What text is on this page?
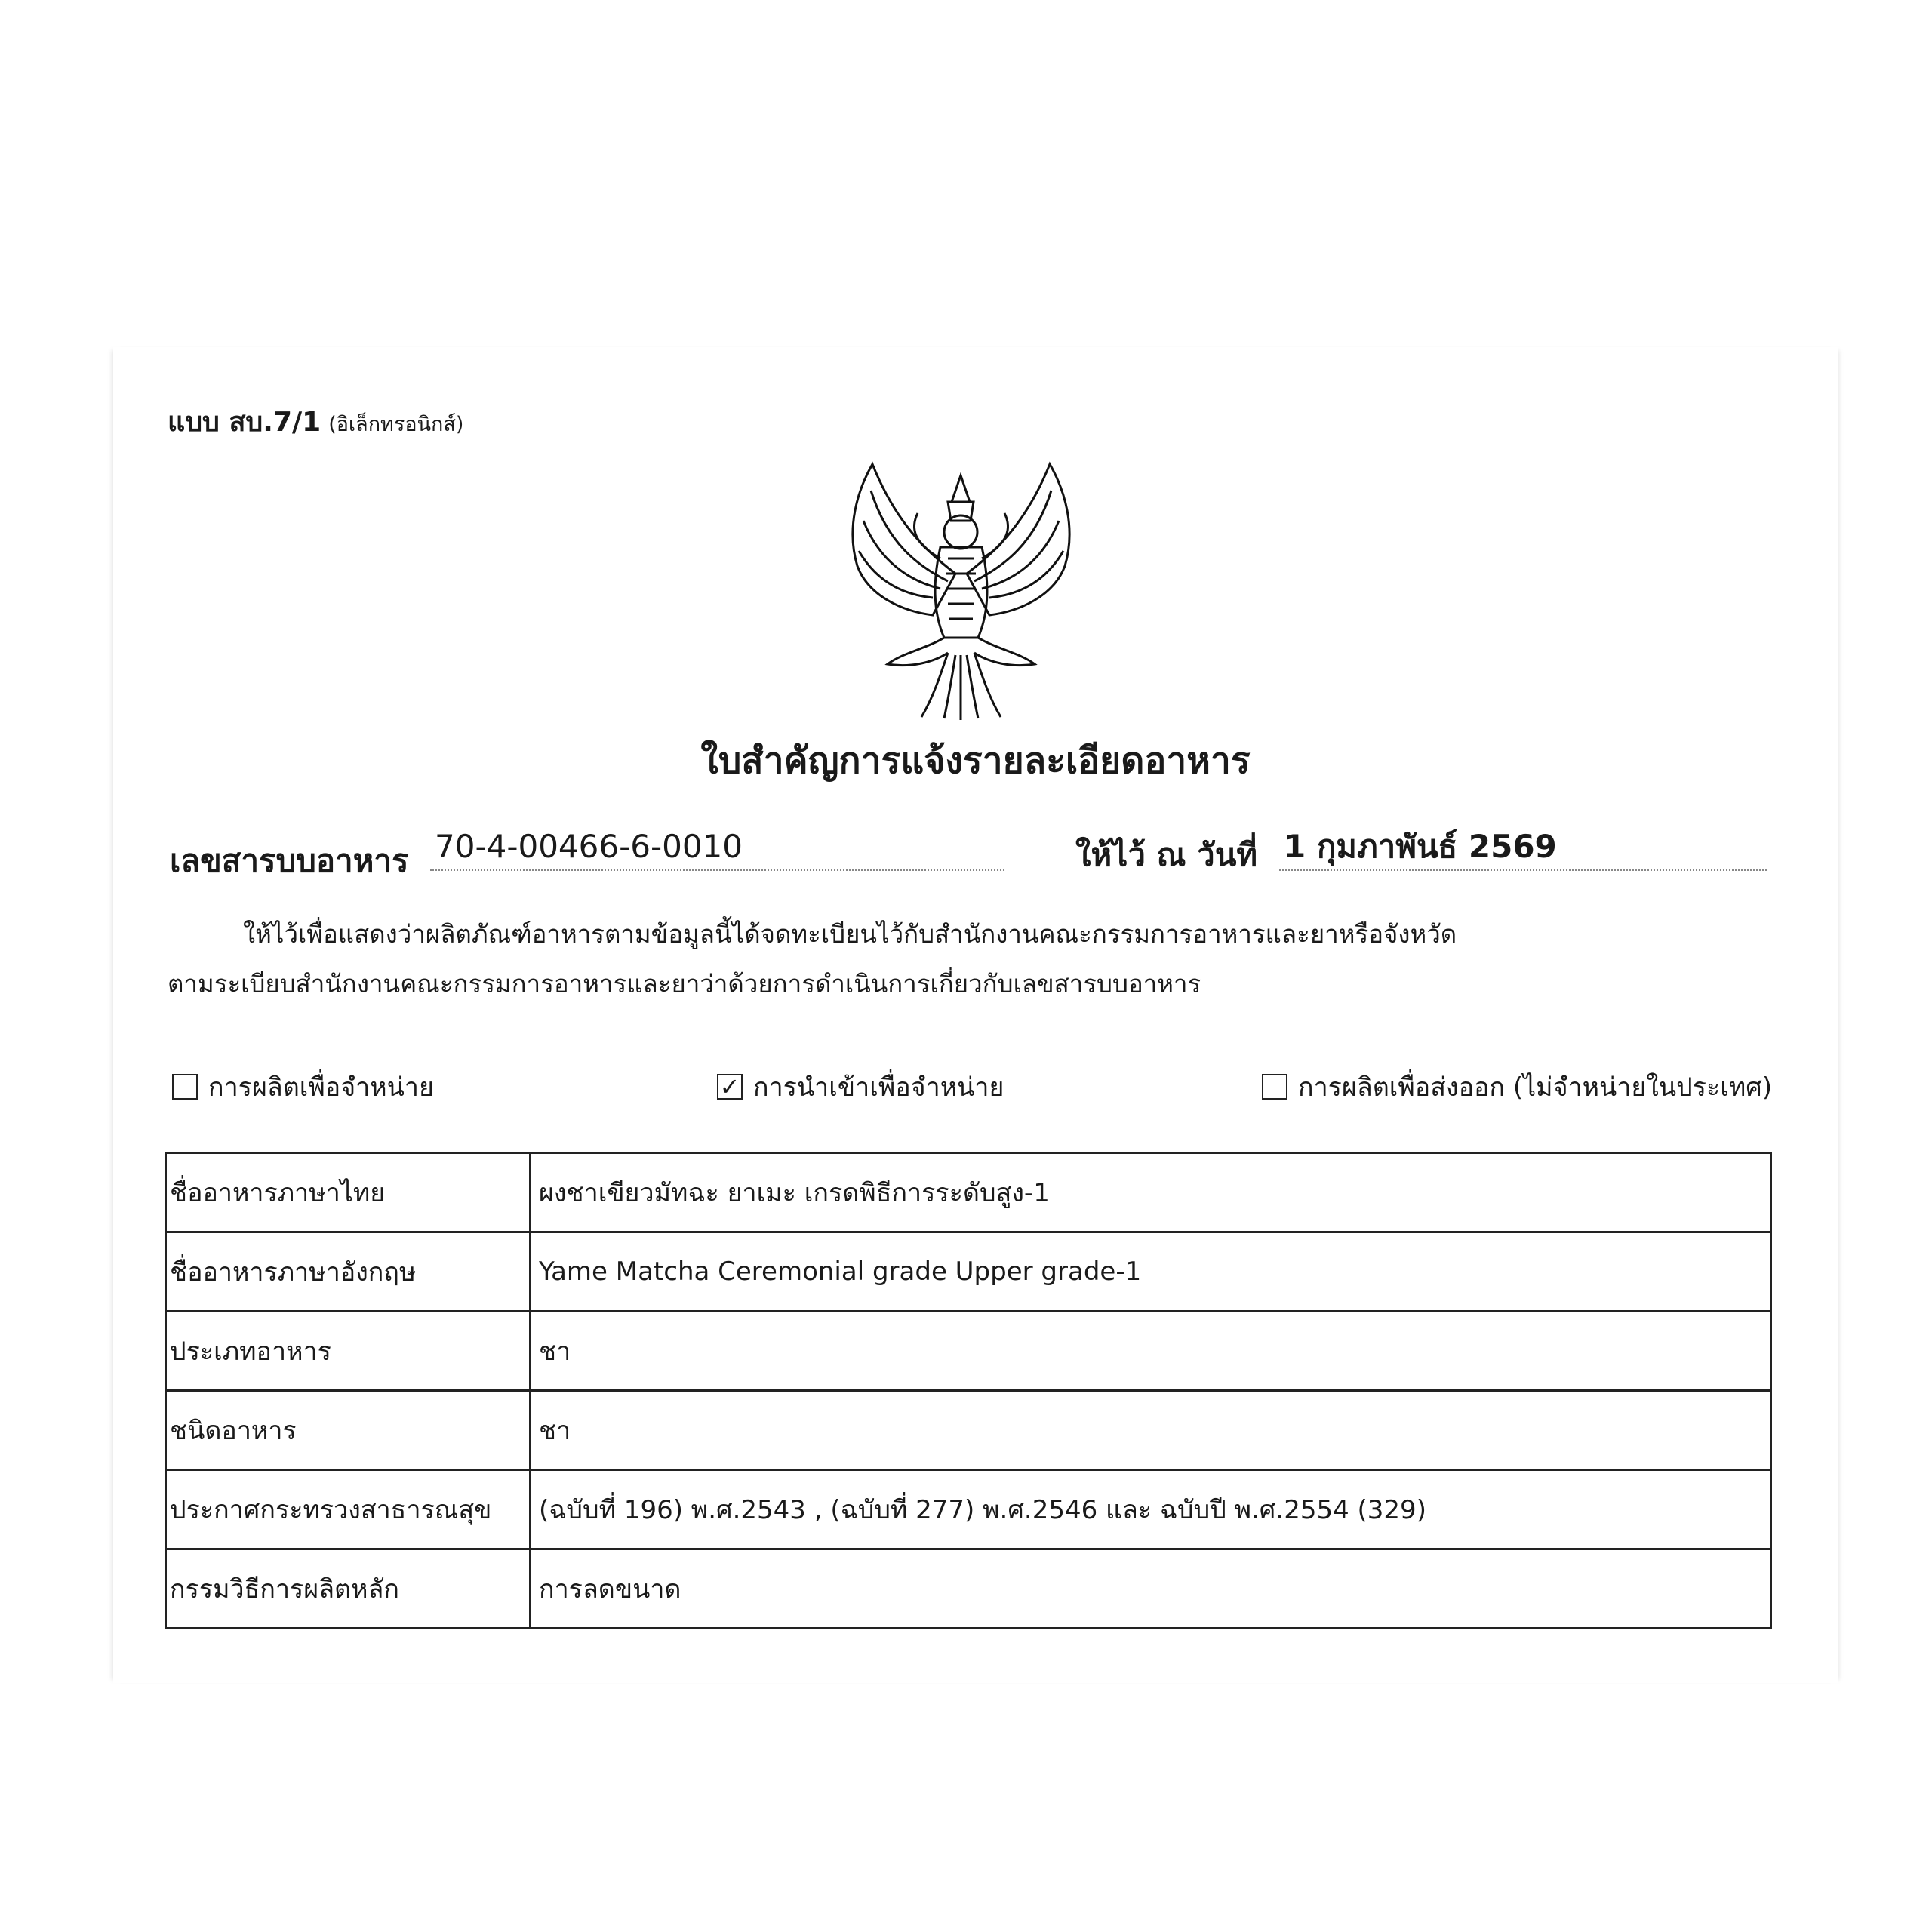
แบบ สบ.7/1 (อิเล็กทรอนิกส์)
ใบสำคัญการแจ้งรายละเอียดอาหาร
เลขสารบบอาหาร 70-4-00466-6-0010	ให้ไว้ ณ วันที่ 1 กุมภาพันธ์ 2569
ให้ไว้เพื่อแสดงว่าผลิตภัณฑ์อาหารตามข้อมูลนี้ได้จดทะเบียนไว้กับสำนักงานคณะกรรมการอาหารและยาหรือจังหวัด
ตามระเบียบสำนักงานคณะกรรมการอาหารและยาว่าด้วยการดำเนินการเกี่ยวกับเลขสารบบอาหาร
การผลิตเพื่อจำหน่าย	✓ การนำเข้าเพื่อจำหน่าย	การผลิตเพื่อส่งออก (ไม่จำหน่ายในประเทศ)
ชื่ออาหารภาษาไทย	ผงชาเขียวมัทฉะ ยาเมะ เกรดพิธีการระดับสูง-1
ชื่ออาหารภาษาอังกฤษ	Yame Matcha Ceremonial grade Upper grade-1
ประเภทอาหาร	ชา
ชนิดอาหาร	ชา
ประกาศกระทรวงสาธารณสุข	(ฉบับที่ 196) พ.ศ.2543 , (ฉบับที่ 277) พ.ศ.2546 และ ฉบับปี พ.ศ.2554 (329)
กรรมวิธีการผลิตหลัก	การลดขนาด
